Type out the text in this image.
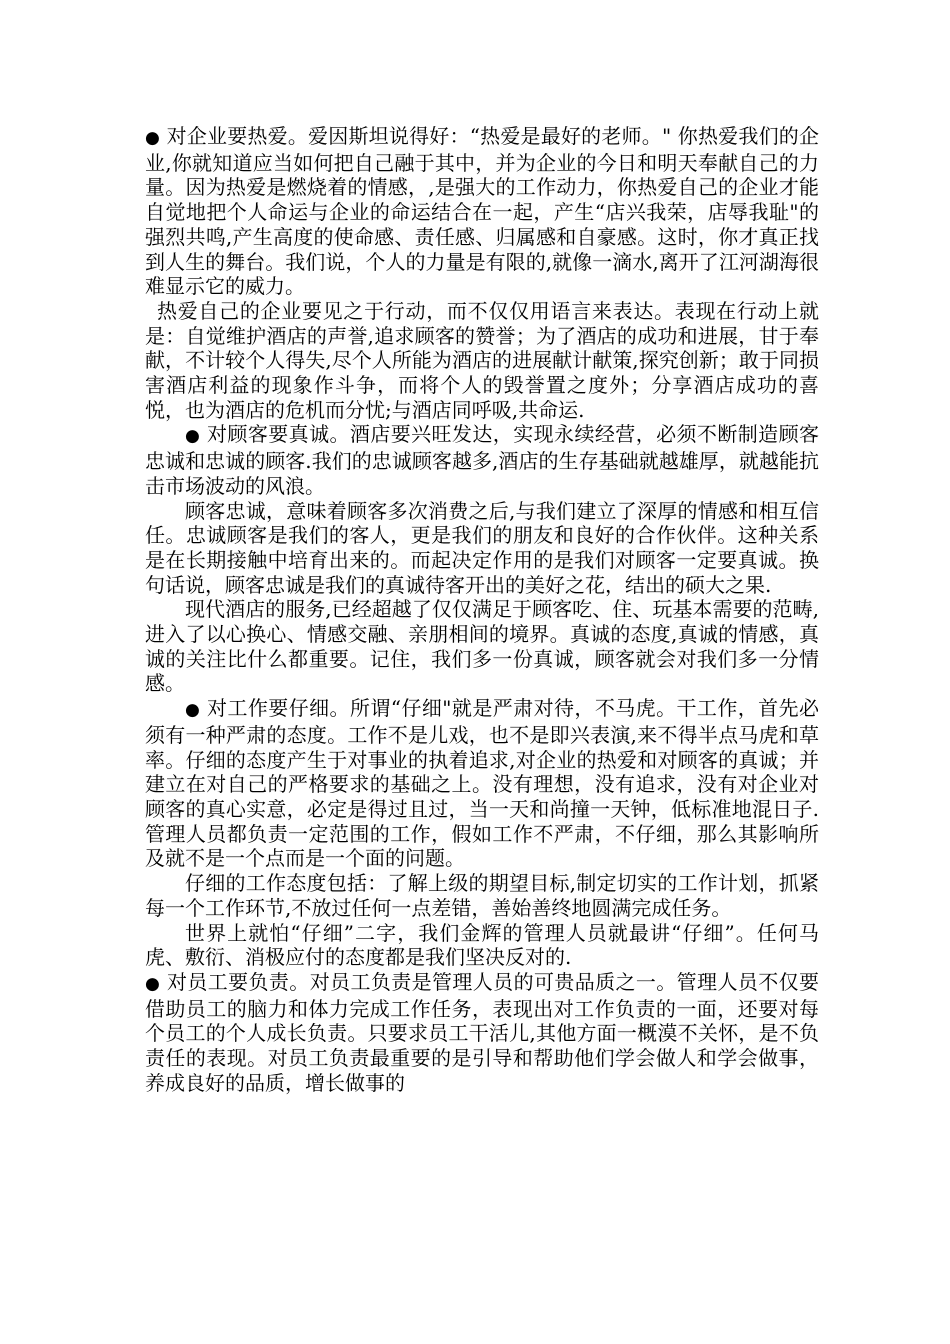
● 对企业要热爱。爱因斯坦说得好：“热爱是最好的老师。" 你热爱我们的企业,你就知道应当如何把自己融于其中，并为企业的今日和明天奉献自己的力量。因为热爱是燃烧着的情感，,是强大的工作动力，你热爱自己的企业才能自觉地把个人命运与企业的命运结合在一起，产生“店兴我荣，店辱我耻"的强烈共鸣,产生高度的使命感、责任感、归属感和自豪感。这时，你才真正找到人生的舞台。我们说，个人的力量是有限的,就像一滴水,离开了江河湖海很难显示它的威力。

热爱自己的企业要见之于行动，而不仅仅用语言来表达。表现在行动上就是：自觉维护酒店的声誉,追求顾客的赞誉；为了酒店的成功和进展，甘于奉献，不计较个人得失,尽个人所能为酒店的进展献计献策,探究创新；敢于同损害酒店利益的现象作斗争，而将个人的毁誉置之度外；分享酒店成功的喜悦，也为酒店的危机而分忧;与酒店同呼吸,共命运.

● 对顾客要真诚。酒店要兴旺发达，实现永续经营，必须不断制造顾客忠诚和忠诚的顾客.我们的忠诚顾客越多,酒店的生存基础就越雄厚，就越能抗击市场波动的风浪。

顾客忠诚，意味着顾客多次消费之后,与我们建立了深厚的情感和相互信任。忠诚顾客是我们的客人，更是我们的朋友和良好的合作伙伴。这种关系是在长期接触中培育出来的。而起决定作用的是我们对顾客一定要真诚。换句话说，顾客忠诚是我们的真诚待客开出的美好之花，结出的硕大之果.

现代酒店的服务,已经超越了仅仅满足于顾客吃、住、玩基本需要的范畴,进入了以心换心、情感交融、亲朋相间的境界。真诚的态度,真诚的情感，真诚的关注比什么都重要。记住，我们多一份真诚，顾客就会对我们多一分情感。

● 对工作要仔细。所谓“仔细"就是严肃对待，不马虎。干工作，首先必须有一种严肃的态度。工作不是儿戏，也不是即兴表演,来不得半点马虎和草率。仔细的态度产生于对事业的执着追求,对企业的热爱和对顾客的真诚；并建立在对自己的严格要求的基础之上。没有理想，没有追求，没有对企业对顾客的真心实意，必定是得过且过，当一天和尚撞一天钟，低标准地混日子.管理人员都负责一定范围的工作，假如工作不严肃，不仔细，那么其影响所及就不是一个点而是一个面的问题。

仔细的工作态度包括：了解上级的期望目标,制定切实的工作计划，抓紧每一个工作环节,不放过任何一点差错，善始善终地圆满完成任务。

世界上就怕“仔细”二字，我们金辉的管理人员就最讲“仔细”。任何马虎、敷衍、消极应付的态度都是我们坚决反对的.

● 对员工要负责。对员工负责是管理人员的可贵品质之一。管理人员不仅要借助员工的脑力和体力完成工作任务，表现出对工作负责的一面，还要对每个员工的个人成长负责。只要求员工干活儿,其他方面一概漠不关怀，是不负责任的表现。对员工负责最重要的是引导和帮助他们学会做人和学会做事，养成良好的品质，增长做事的
